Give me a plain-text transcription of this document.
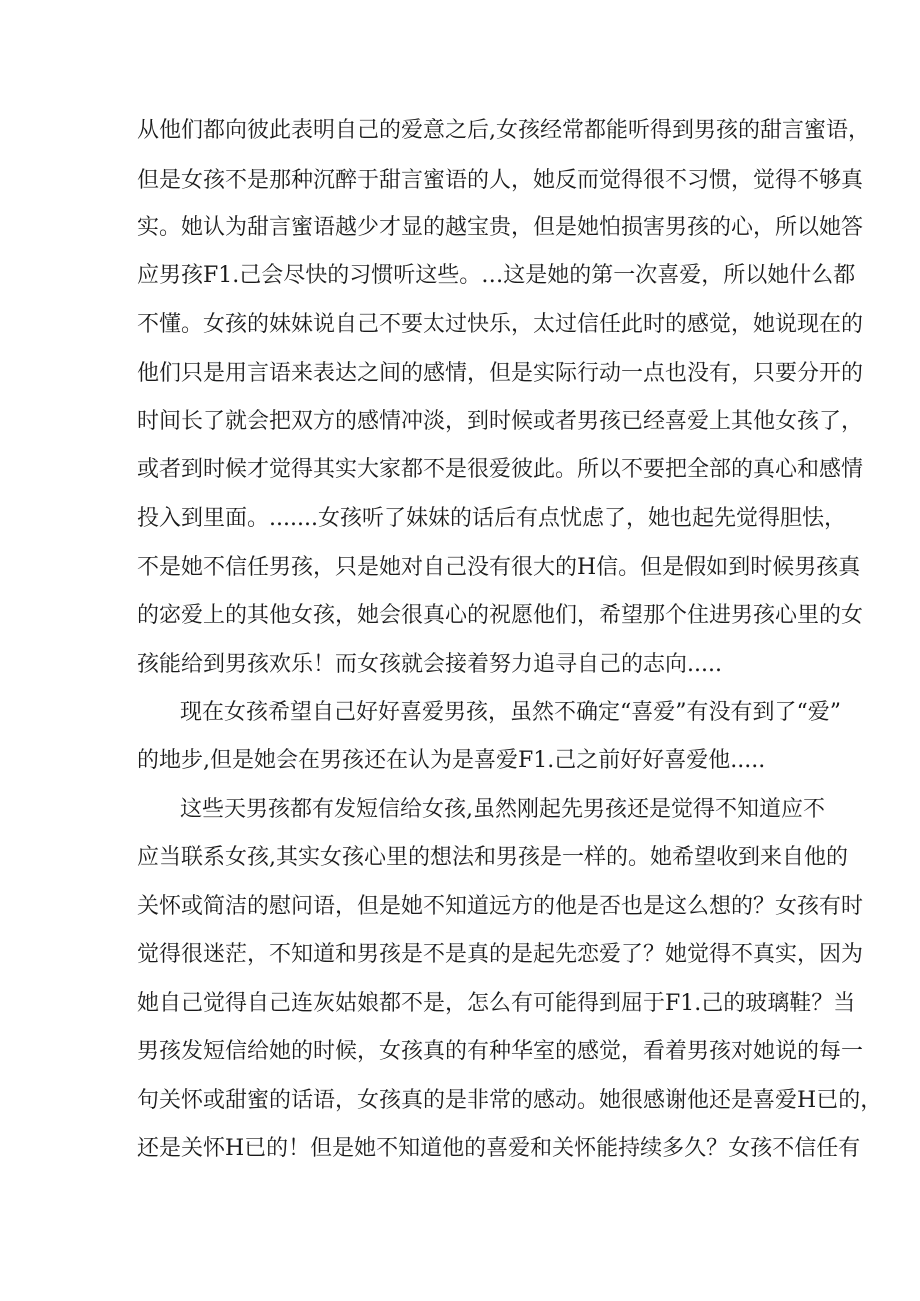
从他们都向彼此表明自己的爱意之后,女孩经常都能听得到男孩的甜言蜜语，
但是女孩不是那种沉醉于甜言蜜语的人，她反而觉得很不习惯，觉得不够真
实。她认为甜言蜜语越少才显的越宝贵，但是她怕损害男孩的心，所以她答
应男孩F1.己会尽快的习惯听这些。…这是她的第一次喜爱，所以她什么都
不懂。女孩的妹妹说自己不要太过快乐，太过信任此时的感觉，她说现在的
他们只是用言语来表达之间的感情，但是实际行动一点也没有，只要分开的
时间长了就会把双方的感情冲淡，到时候或者男孩已经喜爱上其他女孩了，
或者到时候才觉得其实大家都不是很爱彼此。所以不要把全部的真心和感情
投入到里面。.......女孩听了妹妹的话后有点忧虑了，她也起先觉得胆怯，
不是她不信任男孩，只是她对自己没有很大的H信。但是假如到时候男孩真
的宓爱上的其他女孩，她会很真心的祝愿他们，希望那个住进男孩心里的女
孩能给到男孩欢乐！而女孩就会接着努力追寻自己的志向.....
现在女孩希望自己好好喜爱男孩，虽然不确定“喜爱”有没有到了“爱”
的地步,但是她会在男孩还在认为是喜爱F1.己之前好好喜爱他.....
这些天男孩都有发短信给女孩,虽然刚起先男孩还是觉得不知道应不
应当联系女孩,其实女孩心里的想法和男孩是一样的。她希望收到来自他的
关怀或简洁的慰问语，但是她不知道远方的他是否也是这么想的？女孩有时
觉得很迷茫，不知道和男孩是不是真的是起先恋爱了？她觉得不真实，因为
她自己觉得自己连灰姑娘都不是，怎么有可能得到屈于F1.己的玻璃鞋？当
男孩发短信给她的时候，女孩真的有种华室的感觉，看着男孩对她说的每一
句关怀或甜蜜的话语，女孩真的是非常的感动。她很感谢他还是喜爱H已的，
还是关怀H已的！但是她不知道他的喜爱和关怀能持续多久？女孩不信任有
